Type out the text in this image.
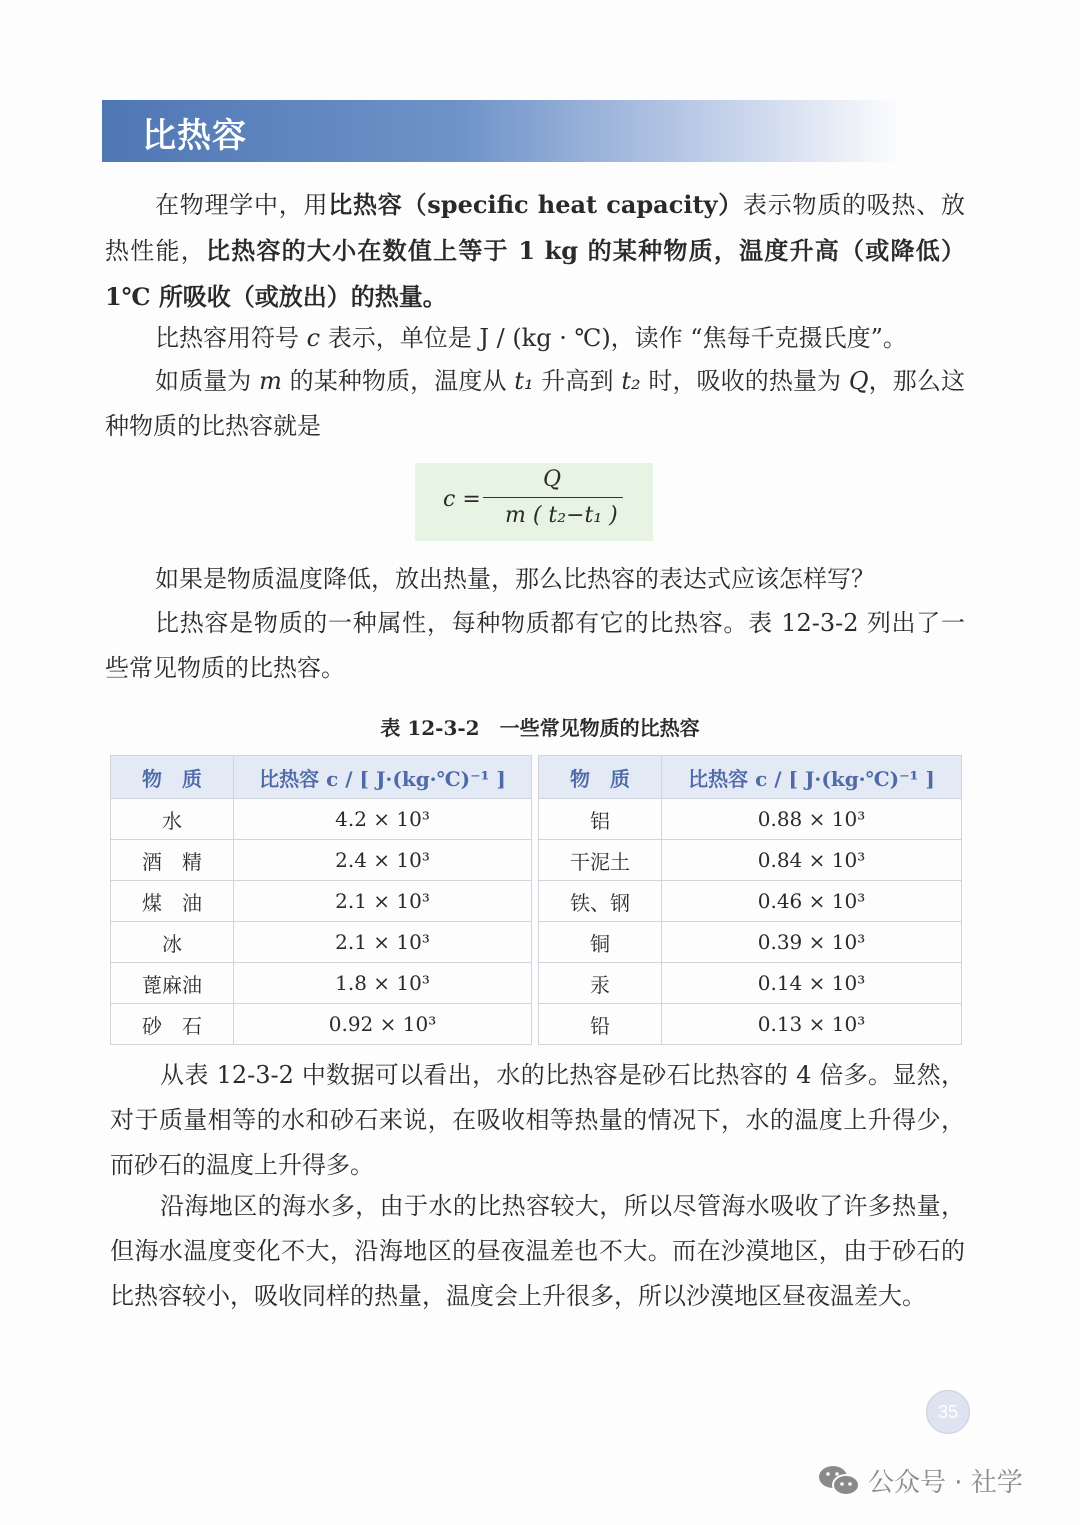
比热容
在物理学中，用比热容（specific heat capacity）表示物质的吸热、放热性能，比热容的大小在数值上等于 1 kg 的某种物质，温度升高（或降低）1℃ 所吸收（或放出）的热量。
比热容用符号 c 表示，单位是 J / (kg · ℃)，读作 “焦每千克摄氏度”。
如质量为 m 的某种物质，温度从 t₁ 升高到 t₂ 时，吸收的热量为 Q，那么这种物质的比热容就是
c =
Q
m ( t₂−t₁ )
如果是物质温度降低，放出热量，那么比热容的表达式应该怎样写？
比热容是物质的一种属性，每种物质都有它的比热容。表 12-3-2 列出了一些常见物质的比热容。
表 12-3-2　一些常见物质的比热容
物　质	比热容 c / [ J·(kg·℃)⁻¹ ]
水	4.2 × 10³
酒　精	2.4 × 10³
煤　油	2.1 × 10³
冰	2.1 × 10³
蓖麻油	1.8 × 10³
砂　石	0.92 × 10³
物　质	比热容 c / [ J·(kg·℃)⁻¹ ]
铝	0.88 × 10³
干泥土	0.84 × 10³
铁、钢	0.46 × 10³
铜	0.39 × 10³
汞	0.14 × 10³
铅	0.13 × 10³
从表 12-3-2 中数据可以看出，水的比热容是砂石比热容的 4 倍多。显然，对于质量相等的水和砂石来说，在吸收相等热量的情况下，水的温度上升得少，而砂石的温度上升得多。
沿海地区的海水多，由于水的比热容较大，所以尽管海水吸收了许多热量，但海水温度变化不大，沿海地区的昼夜温差也不大。而在沙漠地区，由于砂石的比热容较小，吸收同样的热量，温度会上升很多，所以沙漠地区昼夜温差大。
35
公众号 · 社学
